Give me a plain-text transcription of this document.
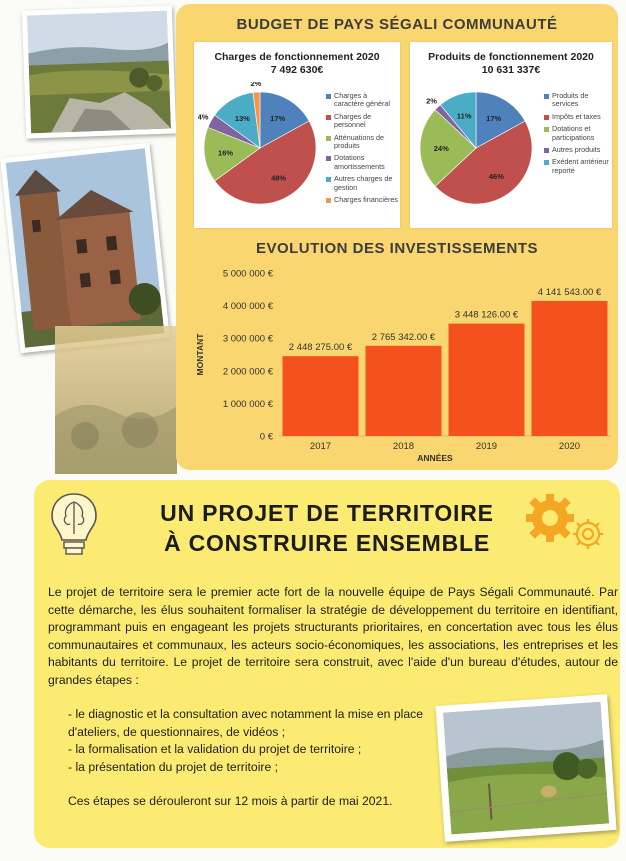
BUDGET DE PAYS SÉGALI COMMUNAUTÉ
Charges de fonctionnement 2020
7 492 630€
17%
48%
16%
4%	13%
2%
Charges à caractère général
Charges de personnel
Atténuations de produits
Dotations amortissements
Autres charges de gestion
Charges financières
Produits de fonctionnement 2020
10 631 337€
17%
46%
24%
2%
11%
Produits de services
Impôts et taxes
Dotations et participations
Autres produits
Exédent antérieur reporté
EVOLUTION DES INVESTISSEMENTS
0 €
1 000 000 €
2 000 000 €
3 000 000 €
4 000 000 €
5 000 000 €
2 448 275.00 €
2017
2 765 342.00 €
2018
3 448 126.00 €
2019
4 141 543.00 €
2020
ANNÉES
MONTANT
UN PROJET DE TERRITOIRE
À CONSTRUIRE ENSEMBLE

Le projet de territoire sera le premier acte fort de la nouvelle équipe de Pays Ségali Communauté. Par cette démarche, les élus souhaitent formaliser la stratégie de développement du territoire en identifiant, programmant puis en engageant les projets structurants prioritaires, en concertation avec tous les élus communautaires et communaux, les acteurs socio-économiques, les associations, les entreprises et les habitants du territoire. Le projet de territoire sera construit, avec l'aide d'un bureau d'études, autour de grandes étapes :

- le diagnostic et la consultation avec notamment la mise en place d'ateliers, de questionnaires, de vidéos ;
- la formalisation et la validation du projet de territoire ;
- la présentation du projet de territoire ;
Ces étapes se dérouleront sur 12 mois à partir de mai 2021.
